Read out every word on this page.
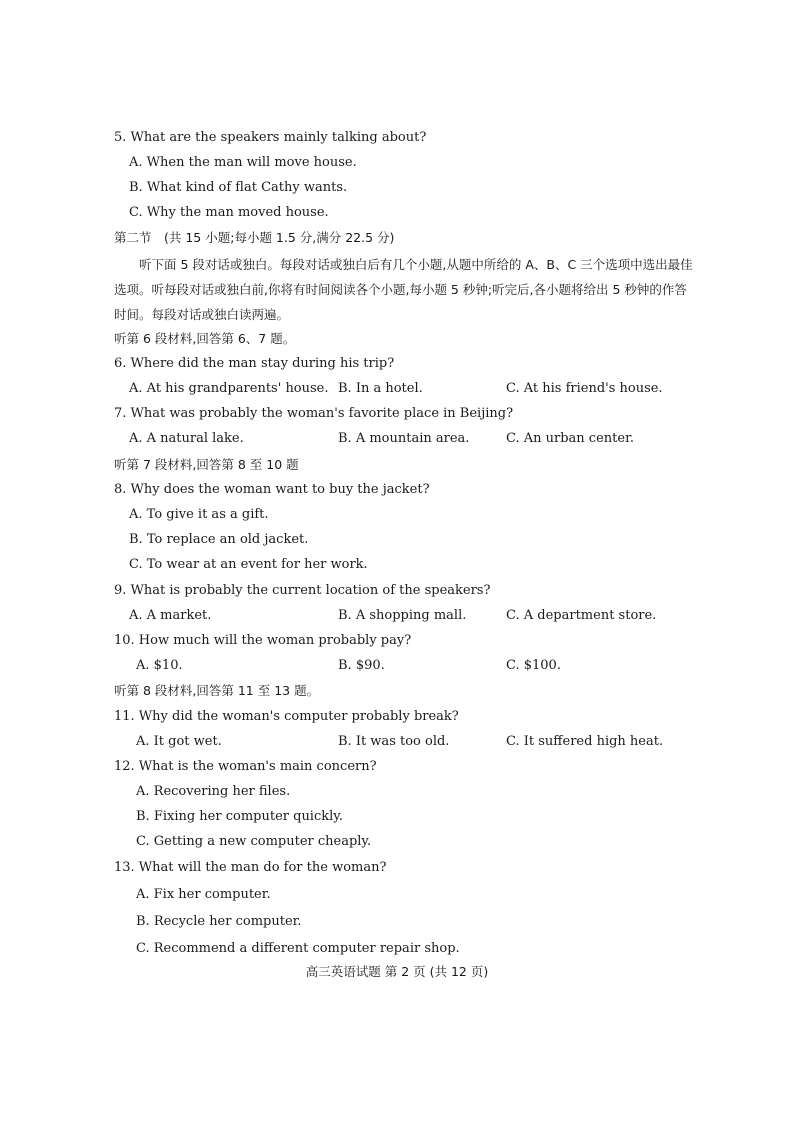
5. What are the speakers mainly talking about?
A. When the man will move house.
B. What kind of flat Cathy wants.
C. Why the man moved house.
第二节　(共 15 小题;每小题 1.5 分,满分 22.5 分)
听下面 5 段对话或独白。每段对话或独白后有几个小题,从题中所给的 A、B、C 三个选项中选出最佳选项。听每段对话或独白前,你将有时间阅读各个小题,每小题 5 秒钟;听完后,各小题将给出 5 秒钟的作答时间。每段对话或独白读两遍。
听第 6 段材料,回答第 6、7 题。
6. Where did the man stay during his trip?
A. At his grandparents' house. B. In a hotel.	C. At his friend's house.
7. What was probably the woman's favorite place in Beijing?
A. A natural lake.	B. A mountain area.	C. An urban center.
听第 7 段材料,回答第 8 至 10 题
8. Why does the woman want to buy the jacket?
A. To give it as a gift.
B. To replace an old jacket.
C. To wear at an event for her work.
9. What is probably the current location of the speakers?
A. A market.	B. A shopping mall.	C. A department store.
10. How much will the woman probably pay?
A. $10.	B. $90.	C. $100.
听第 8 段材料,回答第 11 至 13 题。
11. Why did the woman's computer probably break?
A. It got wet.	B. It was too old.	C. It suffered high heat.
12. What is the woman's main concern?
A. Recovering her files.
B. Fixing her computer quickly.
C. Getting a new computer cheaply.
13. What will the man do for the woman?
A. Fix her computer.
B. Recycle her computer.
C. Recommend a different computer repair shop.
高三英语试题 第 2 页 (共 12 页)
